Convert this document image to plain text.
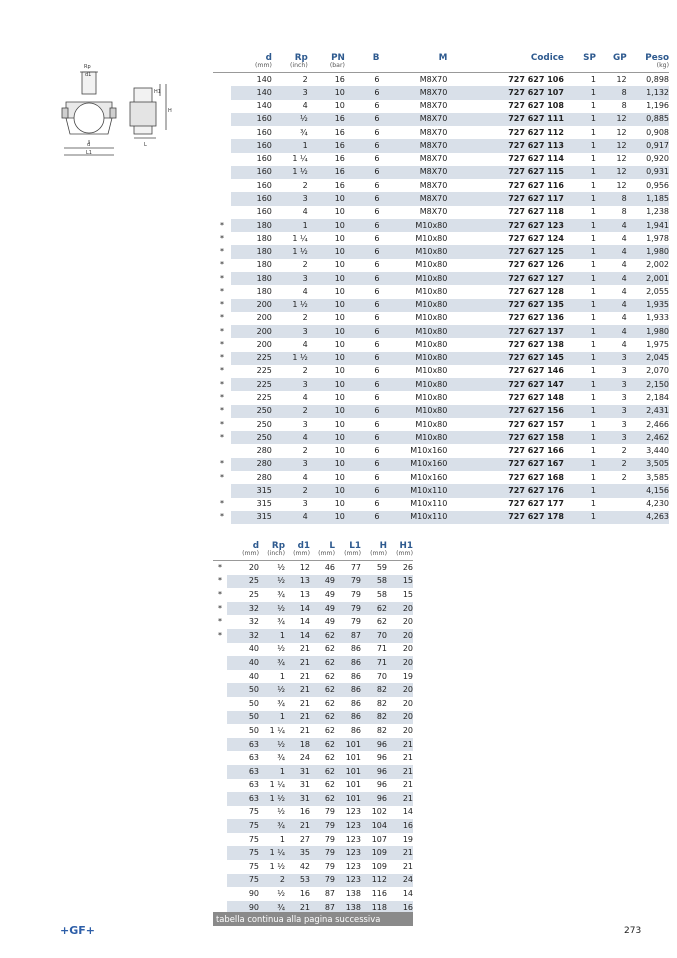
Rp
d1
H1
H
d
L1
L
	d	Rp	PN	B	M	Codice	SP	GP	Peso
	(mm)	(inch)	(bar)						(kg)
	140	2	16	6	M8X70	727 627 106	1	12	0,898
	140	3	10	6	M8X70	727 627 107	1	8	1,132
	140	4	10	6	M8X70	727 627 108	1	8	1,196
	160	½	16	6	M8X70	727 627 111	1	12	0,885
	160	¾	16	6	M8X70	727 627 112	1	12	0,908
	160	1	16	6	M8X70	727 627 113	1	12	0,917
	160	1 ¼	16	6	M8X70	727 627 114	1	12	0,920
	160	1 ½	16	6	M8X70	727 627 115	1	12	0,931
	160	2	16	6	M8X70	727 627 116	1	12	0,956
	160	3	10	6	M8X70	727 627 117	1	8	1,185
	160	4	10	6	M8X70	727 627 118	1	8	1,238
*	180	1	10	6	M10x80	727 627 123	1	4	1,941
*	180	1 ¼	10	6	M10x80	727 627 124	1	4	1,978
*	180	1 ½	10	6	M10x80	727 627 125	1	4	1,980
*	180	2	10	6	M10x80	727 627 126	1	4	2,002
*	180	3	10	6	M10x80	727 627 127	1	4	2,001
*	180	4	10	6	M10x80	727 627 128	1	4	2,055
*	200	1 ½	10	6	M10x80	727 627 135	1	4	1,935
*	200	2	10	6	M10x80	727 627 136	1	4	1,933
*	200	3	10	6	M10x80	727 627 137	1	4	1,980
*	200	4	10	6	M10x80	727 627 138	1	4	1,975
*	225	1 ½	10	6	M10x80	727 627 145	1	3	2,045
*	225	2	10	6	M10x80	727 627 146	1	3	2,070
*	225	3	10	6	M10x80	727 627 147	1	3	2,150
*	225	4	10	6	M10x80	727 627 148	1	3	2,184
*	250	2	10	6	M10x80	727 627 156	1	3	2,431
*	250	3	10	6	M10x80	727 627 157	1	3	2,466
*	250	4	10	6	M10x80	727 627 158	1	3	2,462
	280	2	10	6	M10x160	727 627 166	1	2	3,440
*	280	3	10	6	M10x160	727 627 167	1	2	3,505
*	280	4	10	6	M10x160	727 627 168	1	2	3,585
	315	2	10	6	M10x110	727 627 176	1		4,156
*	315	3	10	6	M10x110	727 627 177	1		4,230
*	315	4	10	6	M10x110	727 627 178	1		4,263
	d	Rp	d1	L	L1	H	H1
	(mm)	(inch)	(mm)	(mm)	(mm)	(mm)	(mm)
*	20	½	12	46	77	59	26
*	25	½	13	49	79	58	15
*	25	¾	13	49	79	58	15
*	32	½	14	49	79	62	20
*	32	¾	14	49	79	62	20
*	32	1	14	62	87	70	20
	40	½	21	62	86	71	20
	40	¾	21	62	86	71	20
	40	1	21	62	86	70	19
	50	½	21	62	86	82	20
	50	¾	21	62	86	82	20
	50	1	21	62	86	82	20
	50	1 ¼	21	62	86	82	20
	63	½	18	62	101	96	21
	63	¾	24	62	101	96	21
	63	1	31	62	101	96	21
	63	1 ¼	31	62	101	96	21
	63	1 ½	31	62	101	96	21
	75	½	16	79	123	102	14
	75	¾	21	79	123	104	16
	75	1	27	79	123	107	19
	75	1 ¼	35	79	123	109	21
	75	1 ½	42	79	123	109	21
	75	2	53	79	123	112	24
	90	½	16	87	138	116	14
	90	¾	21	87	138	118	16
tabella continua alla pagina successiva
+GF+	273
